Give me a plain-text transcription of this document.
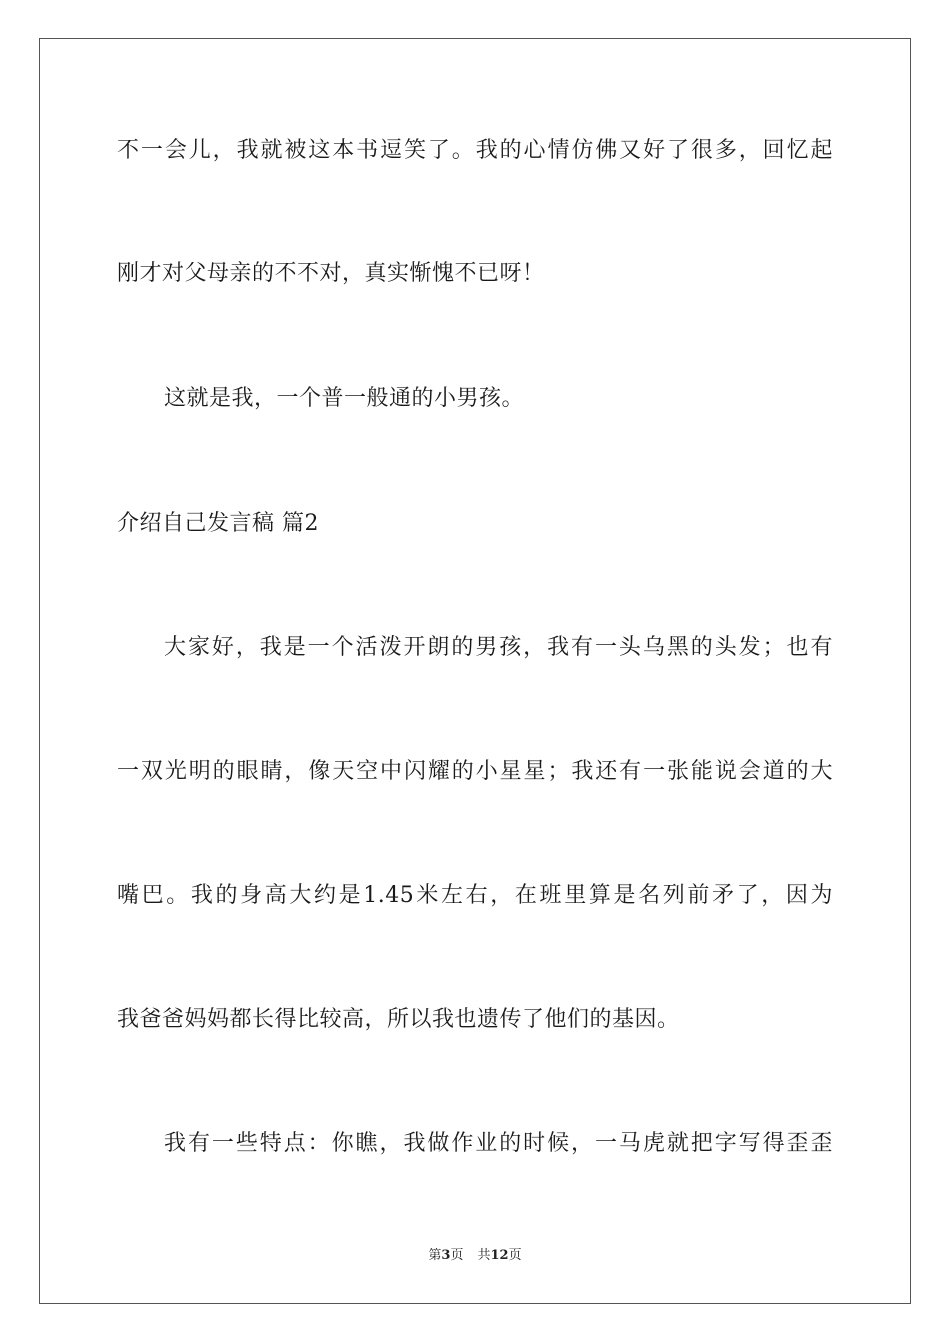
不一会儿，我就被这本书逗笑了。我的心情仿佛又好了很多，回忆起
刚才对父母亲的不不对，真实惭愧不已呀！
这就是我，一个普一般通的小男孩。
介绍自己发言稿 篇2
大家好，我是一个活泼开朗的男孩，我有一头乌黑的头发；也有
一双光明的眼睛，像天空中闪耀的小星星；我还有一张能说会道的大
嘴巴。我的身高大约是1.45米左右，在班里算是名列前矛了，因为
我爸爸妈妈都长得比较高，所以我也遗传了他们的基因。
我有一些特点：你瞧，我做作业的时候，一马虎就把字写得歪歪
第3页 共12页
